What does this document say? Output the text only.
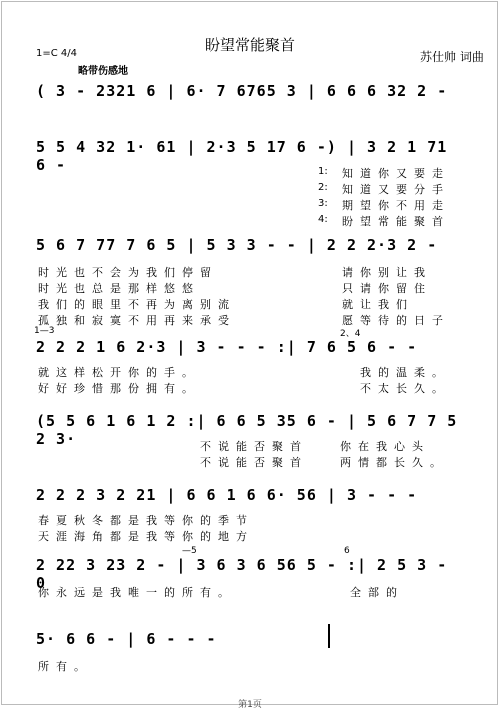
盼望常能聚首
苏仕帅 词曲
1=C 4/4
略带伤感地
( 3 - 2321 6 | 6· 7 6765 3 | 6 6 6 32 2 -
5 5 4 32 1· 61 | 2·3 5 17 6 -) | 3 2 1 71 6 -
5 6 7 77 7 6 5 | 5 3 3 - - | 2 2 2·3 2 -
2 2 2 1 6 2·3 | 3 - - - :| 7 6 5 6 - -
(5 5 6 1 6 1 2 :| 6 6 5 35 6 - | 5 6 7 7 5 2 3·
2 2 2 3 2 21 | 6 6 1 6 6· 56 | 3 - - -
2 22 3 23 2 - | 3 6 3 6 56 5 - :| 2 5 3 - 0
5· 6 6 - | 6 - - -
1: 知道你又要走
2: 知道又要分手
3: 期望你不用走
4: 盼望常能聚首
时光也不会为我们停留
时光也总是那样悠悠
我们的眼里不再为离别流
孤独和寂寞不用再来承受
请你别让我
只请你留住
就让我们
愿等待的日子
就这样松开你的手。
好好珍惜那份拥有。
我的温柔。
不太长久。
不说能否聚首
不说能否聚首
你在我心头
两情都长久。
春夏秋冬都是我等你的季节
天涯海角都是我等你的地方
你永远是我唯一的所有。	全部的
所有。
1—3	2、4
—5	6
第1页
